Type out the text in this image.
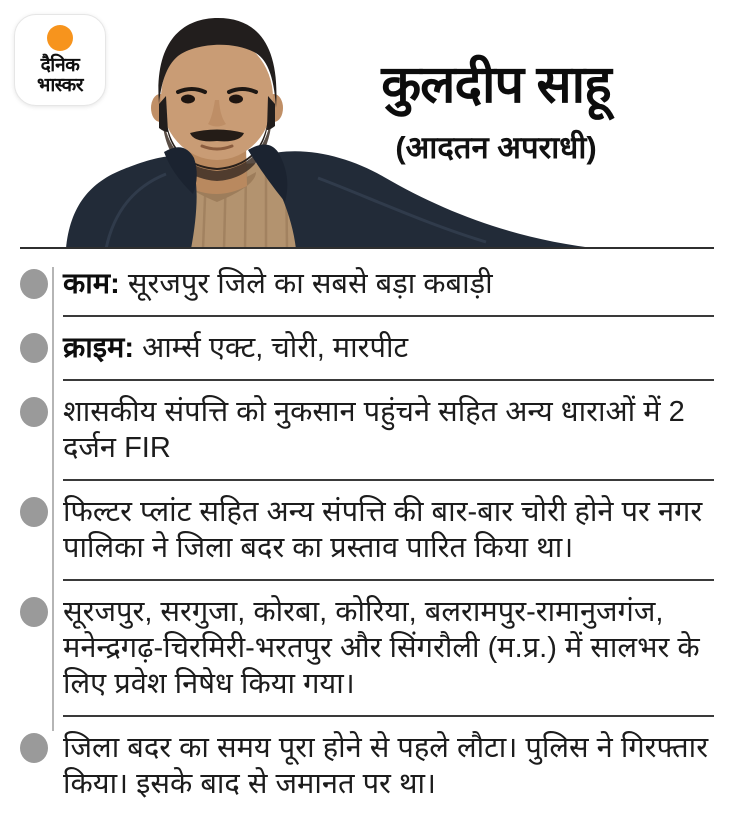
दैनिक
भास्कर	कुलदीप साहू
(आदतन अपराधी)
काम: सूरजपुर जिले का सबसे बड़ा कबाड़ी
क्राइम: आर्म्स एक्ट, चोरी, मारपीट
शासकीय संपत्ति को नुकसान पहुंचने सहित अन्य धाराओं में 2 दर्जन FIR
फिल्टर प्लांट सहित अन्य संपत्ति की बार-बार चोरी होने पर नगर पालिका ने जिला बदर का प्रस्ताव पारित किया था।
सूरजपुर, सरगुजा, कोरबा, कोरिया, बलरामपुर-रामानुजगंज, मनेन्द्रगढ़-चिरमिरी-भरतपुर और सिंगरौली (म.प्र.) में सालभर के लिए प्रवेश निषेध किया गया।
जिला बदर का समय पूरा होने से पहले लौटा। पुलिस ने गिरफ्तार किया। इसके बाद से जमानत पर था।
